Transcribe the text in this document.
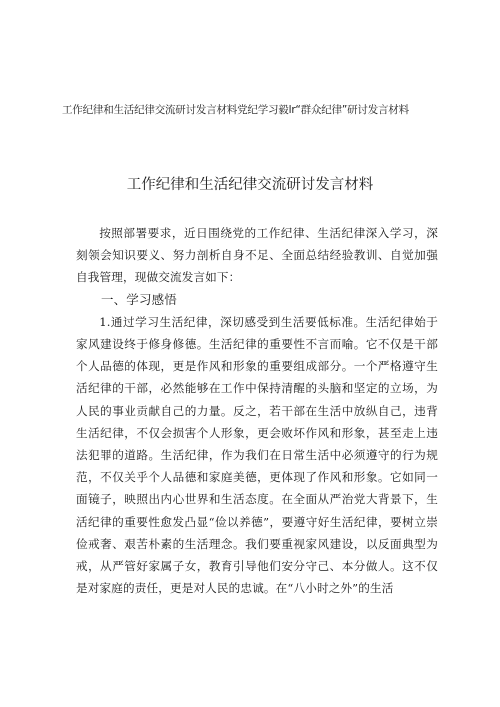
工作纪律和生活纪律交流研讨发言材料党纪学习毅lr“群众纪律”研讨发言材料
工作纪律和生活纪律交流研讨发言材料

按照部署要求，近日围绕党的工作纪律、生活纪律深入学习，深刻领会知识要义、努力剖析自身不足、全面总结经验教训、自觉加强自我管理，现做交流发言如下：

一、学习感悟

1.通过学习生活纪律，深切感受到生活要低标准。生活纪律始于家风建设终于修身修德。生活纪律的重要性不言而喻。它不仅是干部个人品德的体现，更是作风和形象的重要组成部分。一个严格遵守生活纪律的干部，必然能够在工作中保持清醒的头脑和坚定的立场，为人民的事业贡献自己的力量。反之，若干部在生活中放纵自己，违背生活纪律，不仅会损害个人形象，更会败坏作风和形象，甚至走上违法犯罪的道路。生活纪律，作为我们在日常生活中必须遵守的行为规范，不仅关乎个人品德和家庭美德，更体现了作风和形象。它如同一面镜子，映照出内心世界和生活态度。在全面从严治党大背景下，生活纪律的重要性愈发凸显“俭以养德”，要遵守好生活纪律，要树立崇俭戒奢、艰苦朴素的生活理念。我们要重视家风建设，以反面典型为戒，从严管好家属子女，教育引导他们安分守己、本分做人。这不仅是对家庭的责任，更是对人民的忠诚。在“八小时之外”的生活
